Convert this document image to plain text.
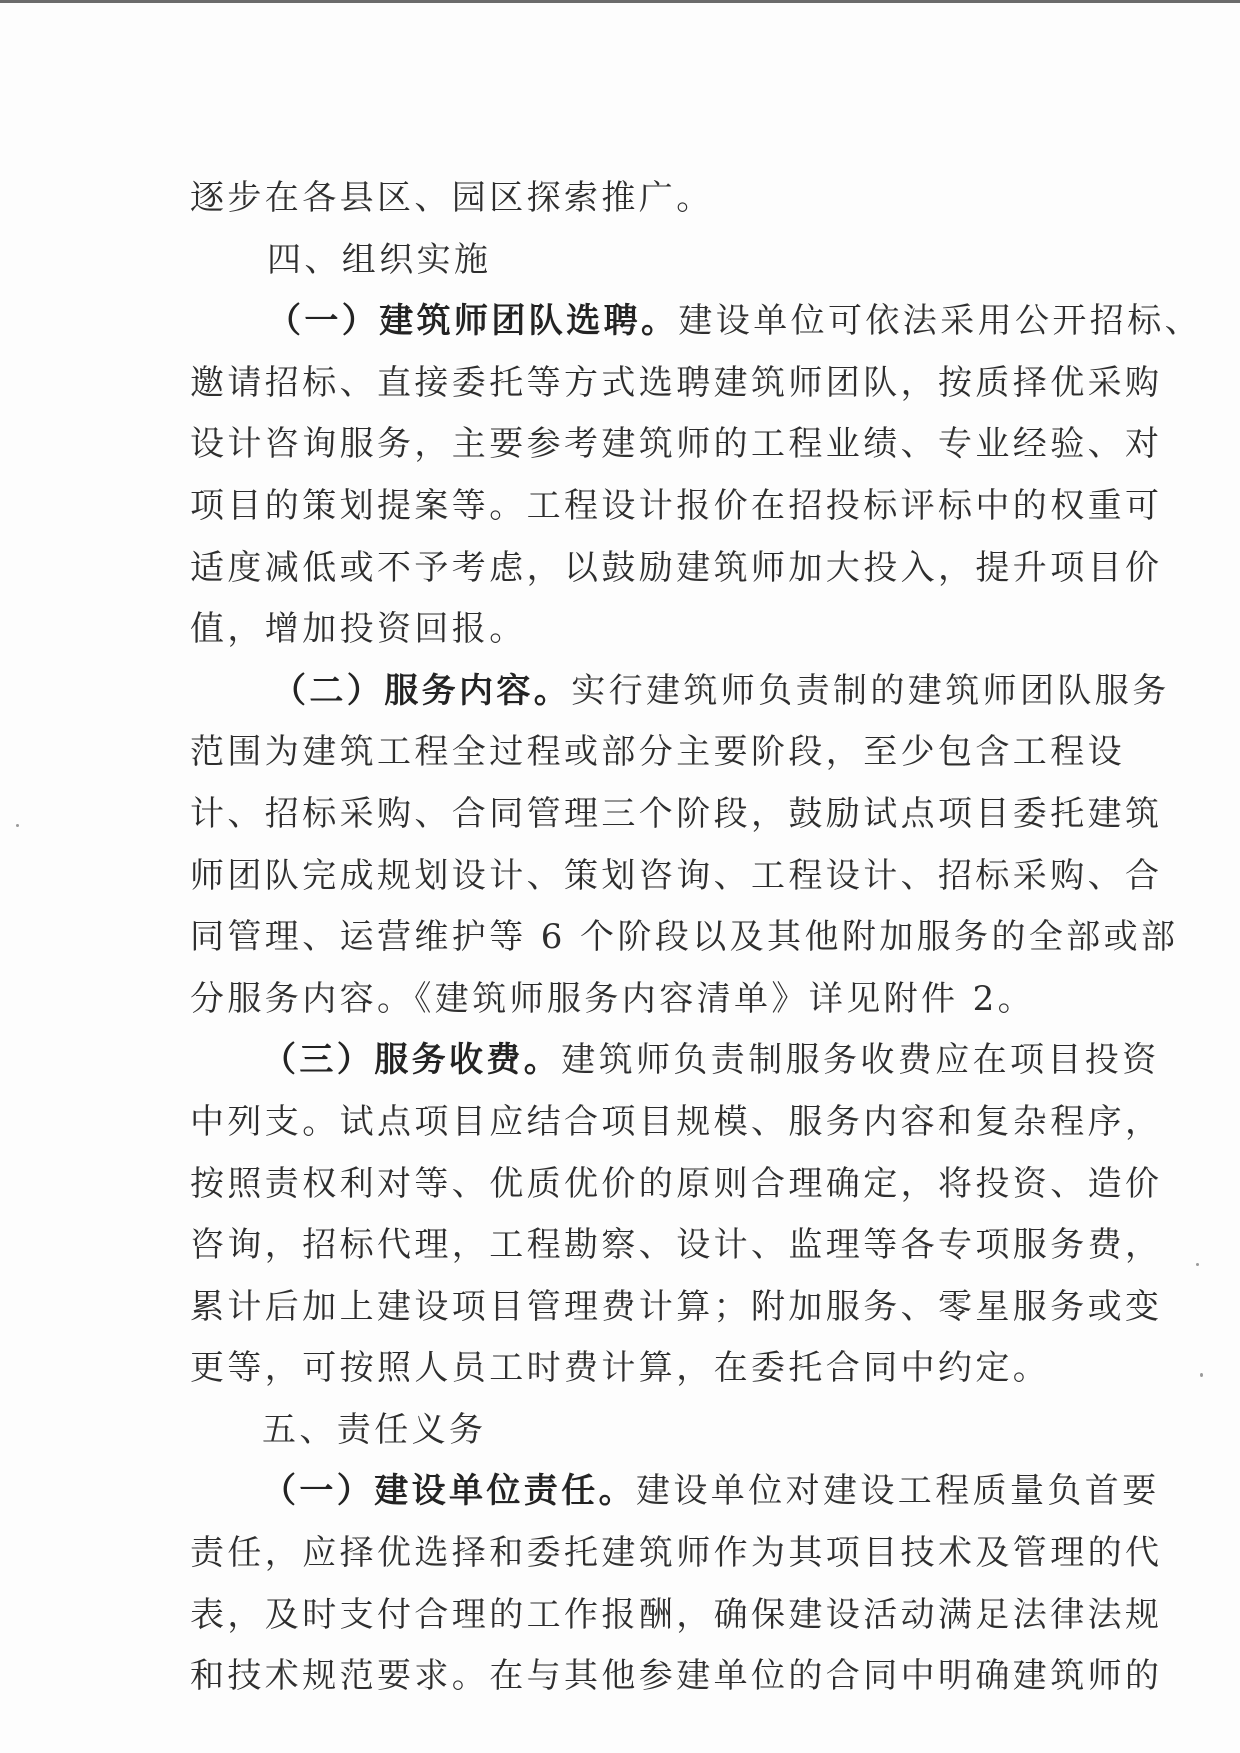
逐步在各县区、园区探索推广。
四、组织实施
（一）建筑师团队选聘。建设单位可依法采用公开招标、
邀请招标、直接委托等方式选聘建筑师团队，按质择优采购
设计咨询服务，主要参考建筑师的工程业绩、专业经验、对
项目的策划提案等。工程设计报价在招投标评标中的权重可
适度减低或不予考虑，以鼓励建筑师加大投入，提升项目价
值，增加投资回报。
（二）服务内容。实行建筑师负责制的建筑师团队服务
范围为建筑工程全过程或部分主要阶段，至少包含工程设
计、招标采购、合同管理三个阶段，鼓励试点项目委托建筑
师团队完成规划设计、策划咨询、工程设计、招标采购、合
同管理、运营维护等 6 个阶段以及其他附加服务的全部或部
分服务内容。《建筑师服务内容清单》详见附件 2。
（三）服务收费。建筑师负责制服务收费应在项目投资
中列支。试点项目应结合项目规模、服务内容和复杂程序，
按照责权利对等、优质优价的原则合理确定，将投资、造价
咨询，招标代理，工程勘察、设计、监理等各专项服务费，
累计后加上建设项目管理费计算；附加服务、零星服务或变
更等，可按照人员工时费计算，在委托合同中约定。
五、责任义务
（一）建设单位责任。建设单位对建设工程质量负首要
责任，应择优选择和委托建筑师作为其项目技术及管理的代
表，及时支付合理的工作报酬，确保建设活动满足法律法规
和技术规范要求。在与其他参建单位的合同中明确建筑师的
